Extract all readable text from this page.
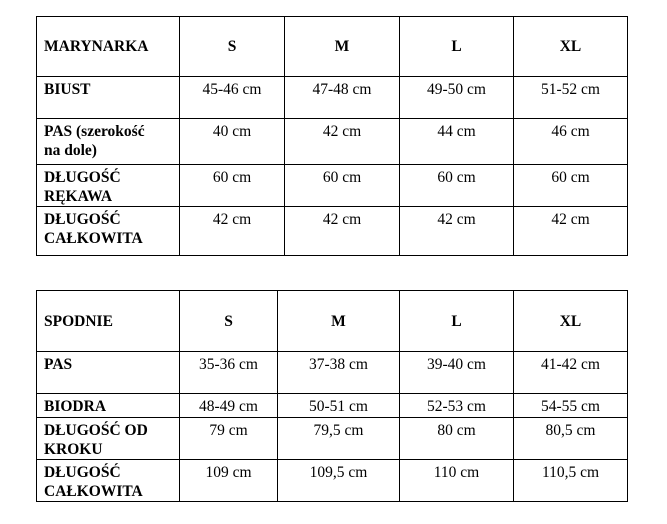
MARYNARKA	S	M	L	XL
BIUST	45-46 cm	47-48 cm	49-50 cm	51-52 cm
PAS (szerokość
na dole)	40 cm	42 cm	44 cm	46 cm
DŁUGOŚĆ
RĘKAWA	60 cm	60 cm	60 cm	60 cm
DŁUGOŚĆ
CAŁKOWITA	42 cm	42 cm	42 cm	42 cm
SPODNIE	S	M	L	XL
PAS	35-36 cm	37-38 cm	39-40 cm	41-42 cm
BIODRA	48-49 cm	50-51 cm	52-53 cm	54-55 cm
DŁUGOŚĆ OD
KROKU	79 cm	79,5 cm	80 cm	80,5 cm
DŁUGOŚĆ
CAŁKOWITA	109 cm	109,5 cm	110 cm	110,5 cm
